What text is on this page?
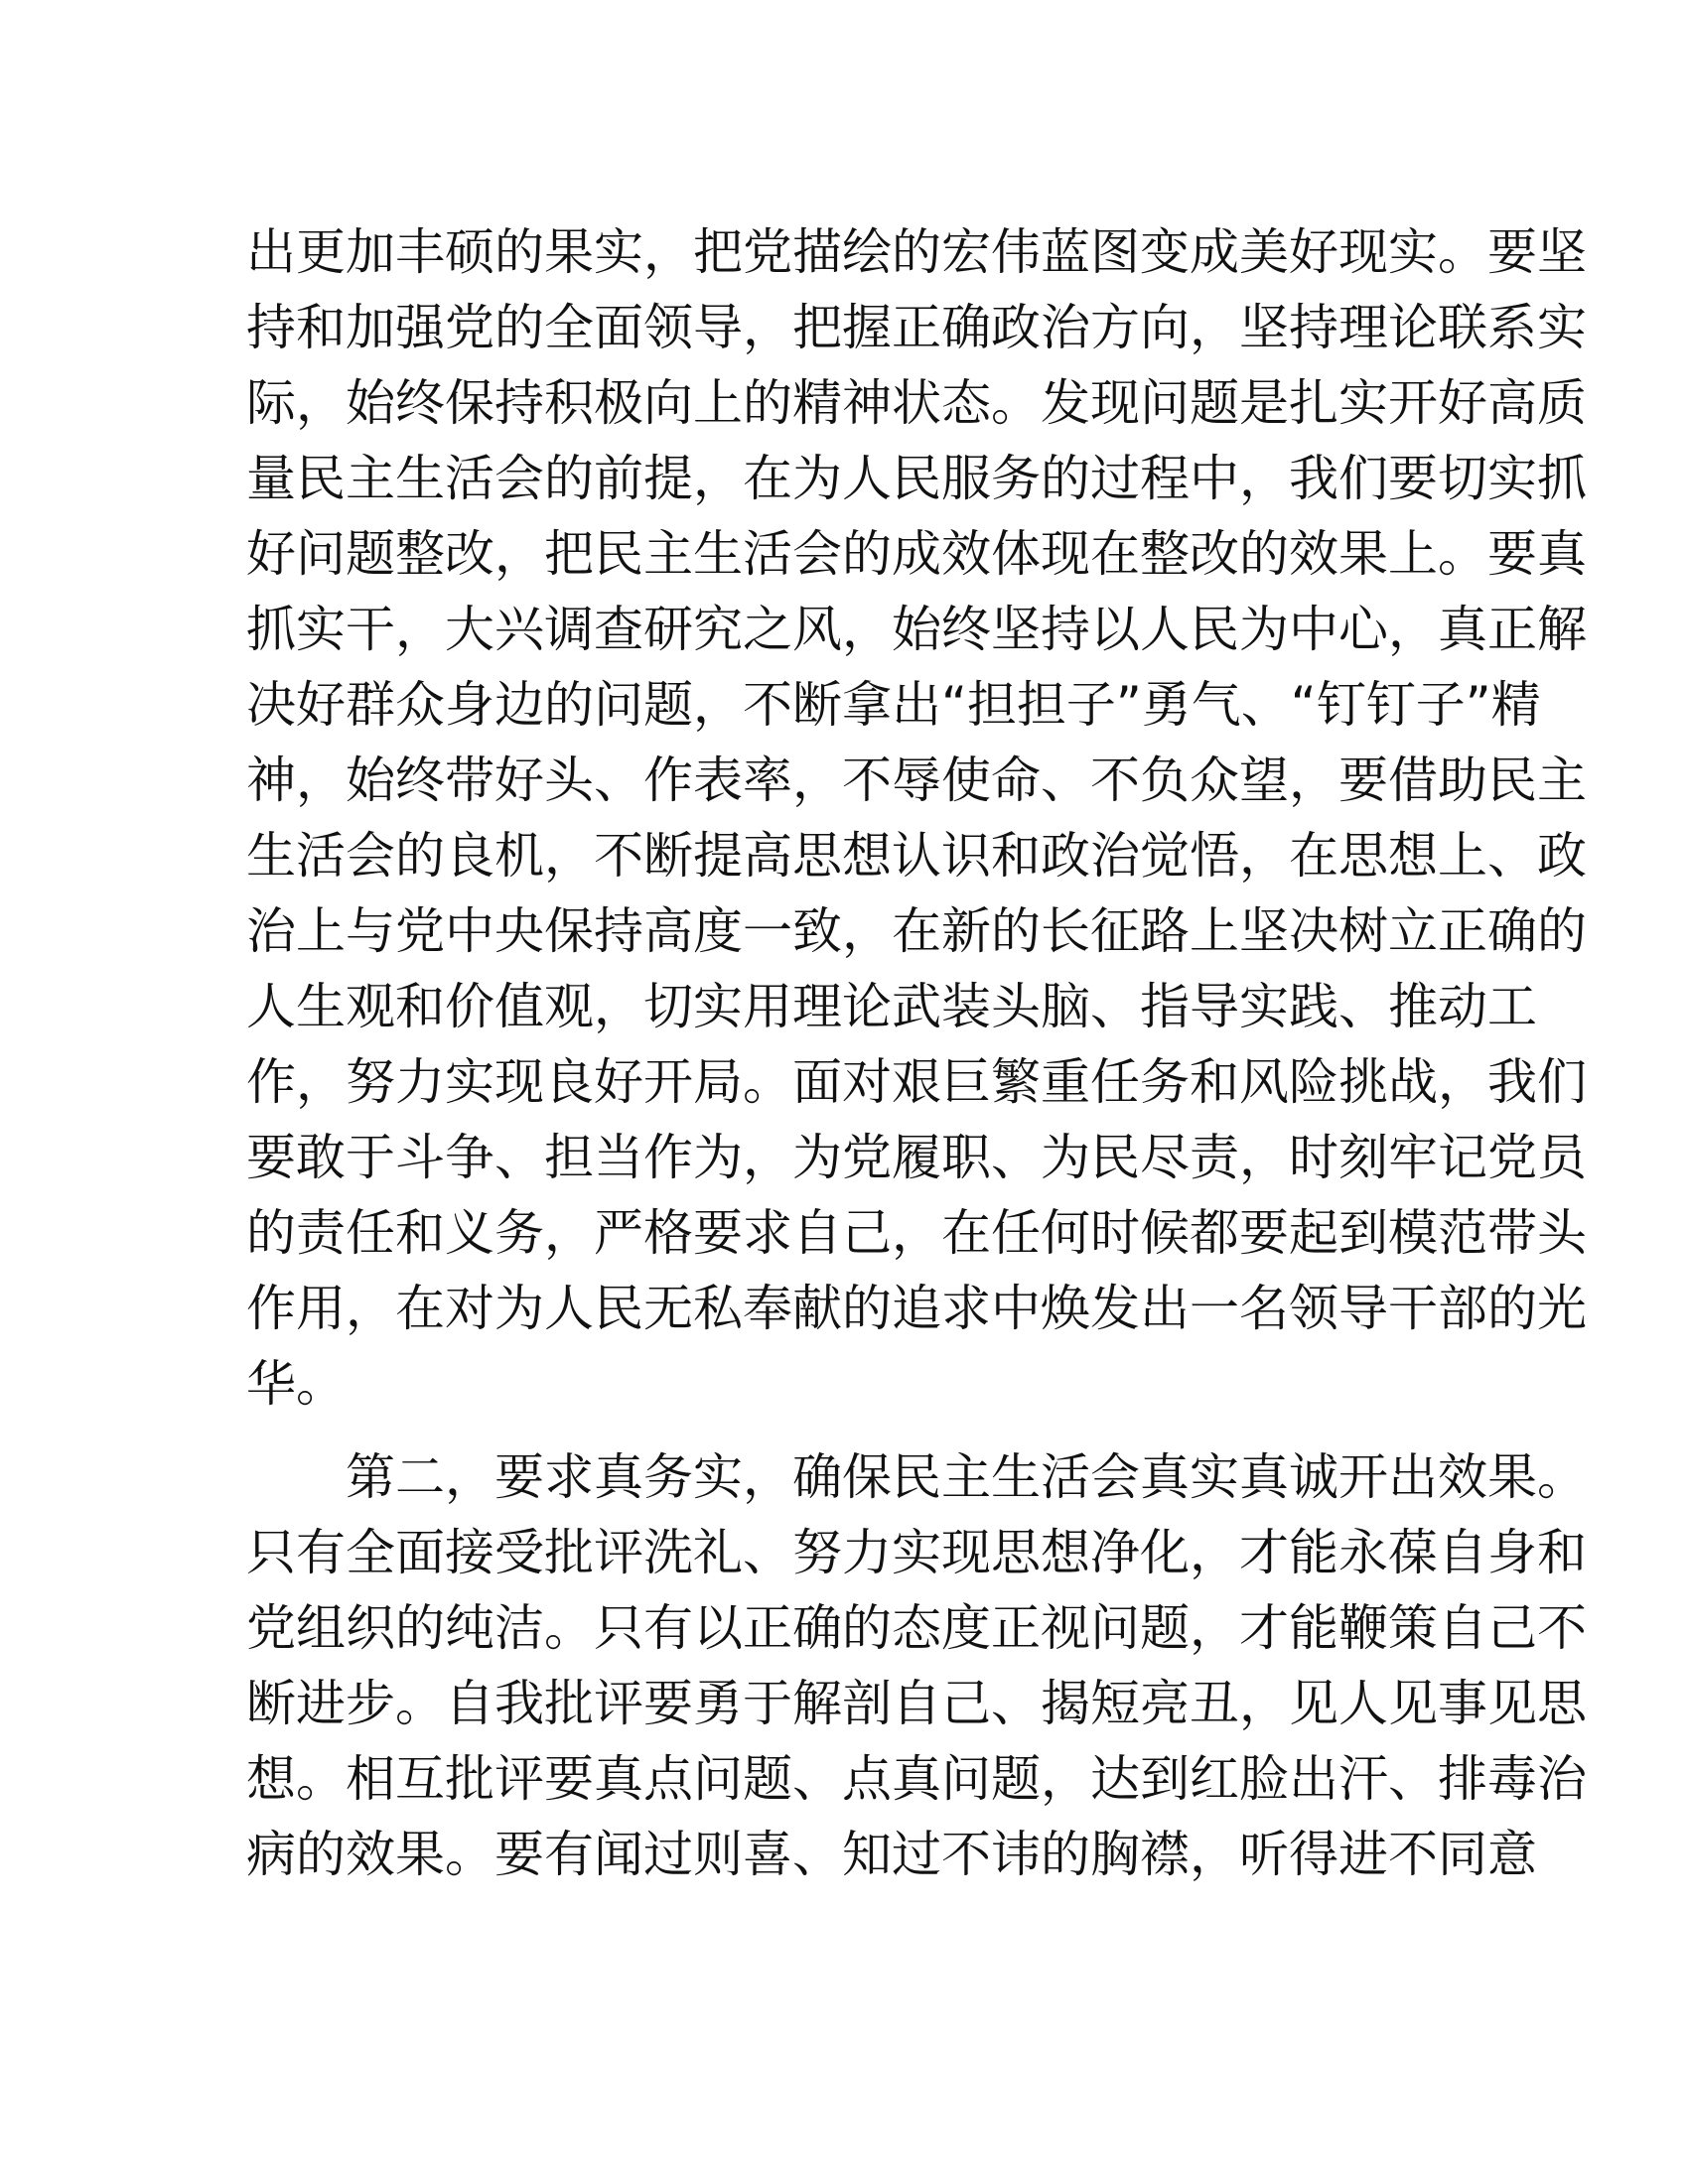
出更加丰硕的果实，把党描绘的宏伟蓝图变成美好现实。要坚
持和加强党的全面领导，把握正确政治方向，坚持理论联系实
际，始终保持积极向上的精神状态。发现问题是扎实开好高质
量民主生活会的前提，在为人民服务的过程中，我们要切实抓
好问题整改，把民主生活会的成效体现在整改的效果上。要真
抓实干，大兴调查研究之风，始终坚持以人民为中心，真正解
决好群众身边的问题，不断拿出“担担子”勇气、“钉钉子”精
神，始终带好头、作表率，不辱使命、不负众望，要借助民主
生活会的良机，不断提高思想认识和政治觉悟，在思想上、政
治上与党中央保持高度一致，在新的长征路上坚决树立正确的
人生观和价值观，切实用理论武装头脑、指导实践、推动工
作，努力实现良好开局。面对艰巨繁重任务和风险挑战，我们
要敢于斗争、担当作为，为党履职、为民尽责，时刻牢记党员
的责任和义务，严格要求自己，在任何时候都要起到模范带头
作用，在对为人民无私奉献的追求中焕发出一名领导干部的光
华。

第二，要求真务实，确保民主生活会真实真诚开出效果。
只有全面接受批评洗礼、努力实现思想净化，才能永葆自身和
党组织的纯洁。只有以正确的态度正视问题，才能鞭策自己不
断进步。自我批评要勇于解剖自己、揭短亮丑，见人见事见思
想。相互批评要真点问题、点真问题，达到红脸出汗、排毒治
病的效果。要有闻过则喜、知过不讳的胸襟，听得进不同意
